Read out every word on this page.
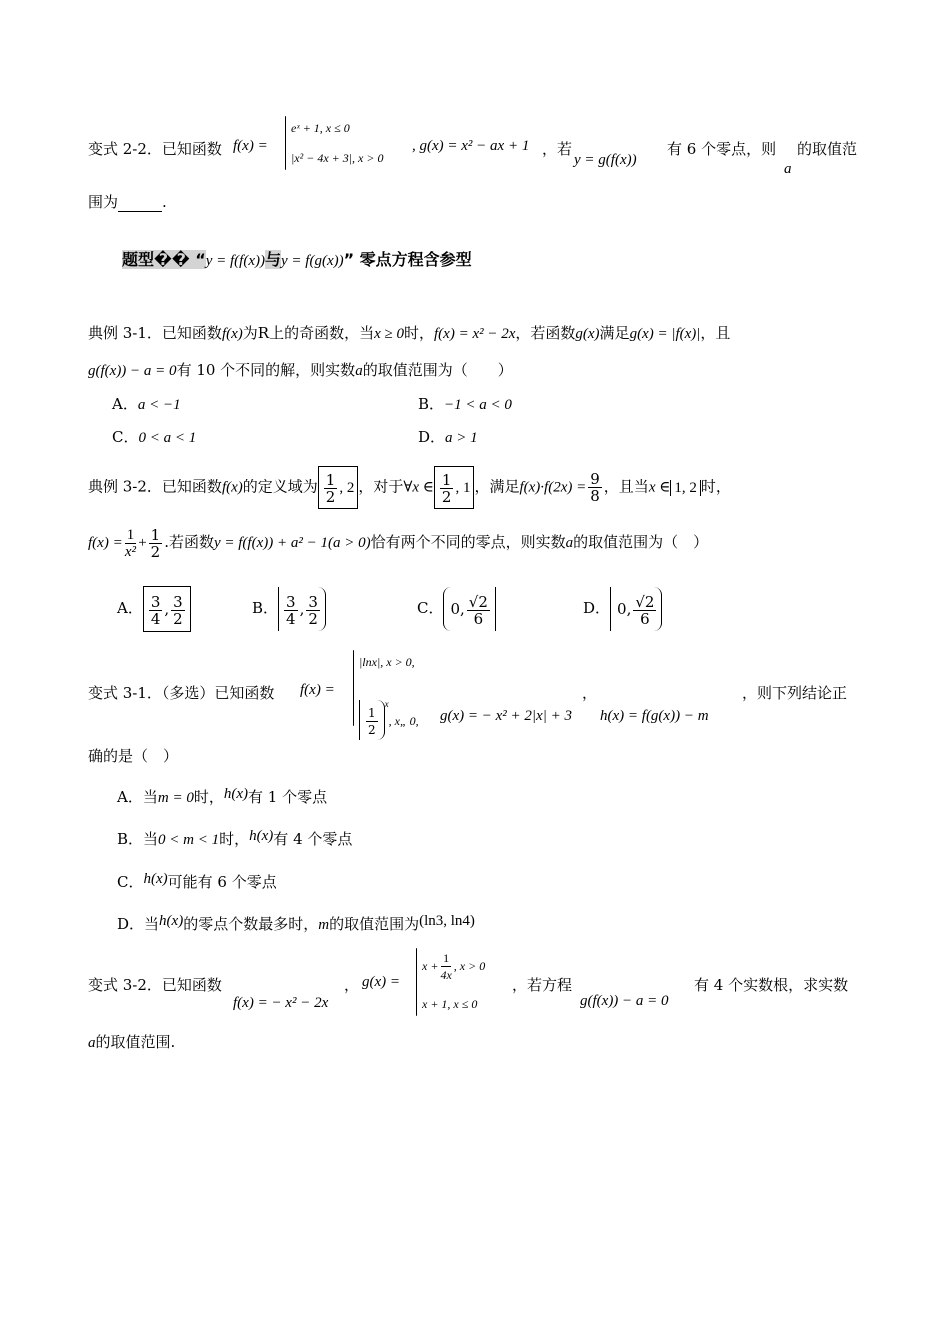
变式 2-2．已知函数 f(x) =
eˣ + 1, x ≤ 0
|x² − 4x + 3|, x > 0
, g(x) = x² − ax + 1 ，若
y = g(f(x))
有 6 个零点，则
a
的取值范
围为	.
题型�� “y = f(f(x))与y = f(g(x))” 零点方程含参型
典例 3-1．已知函数f(x)为R上的奇函数，当x ≥ 0时，f(x) = x² − 2x，若函数g(x)满足g(x) = |f(x)|，且
g(f(x)) − a = 0有 10 个不同的解，则实数a的取值范围为（　　）
A．a < −1	B．−1 < a < 0
C．0 < a < 1	D．a > 1
典例 3-2．已知函数f(x)的定义域为 $\frac{1}{2}$ , 2 ，对于∀x ∈ $\frac{1}{2}$ , 1 ，满足$f(x)\cdot f(2x) = \frac{9}{8}$ ，且当x ∈ 1, 2 时，
$f(x) = \frac{1}{\text{x²}} + \frac{1}{2}$ .若函数y = f(f(x)) + a² − 1(a > 0)恰有两个不同的零点，则实数a的取值范围为（　）
A． $\frac{3}{4}$ , $\frac{3}{2}$	B． $\frac{3}{4}$ , $\frac{3}{2}$	C． 0, $\frac{√2}{6}$	D． 0, $\frac{√2}{6}$
变式 3-1．（多选）已知函数 f(x) =
|lnx|, x > 0,
$\frac{1}{2}$
$^x$, x„ 0, g(x) = − x² + 2|x| + 3
，
h(x) = f(g(x)) − m
，则下列结论正
确的是（　）
A．当m = 0时，h(x)有 1 个零点
B．当0 < m < 1时，h(x)有 4 个零点
C．h(x)可能有 6 个零点
D．当h(x)的零点个数最多时，m的取值范围为(ln3, ln4)
变式 3-2．已知函数
f(x) = − x² − 2x
， g(x) =
$x + \frac{1}{4x}$ , x > 0
x + 1, x ≤ 0
，若方程
g(f(x)) − a = 0
有 4 个实数根，求实数
a的取值范围.
